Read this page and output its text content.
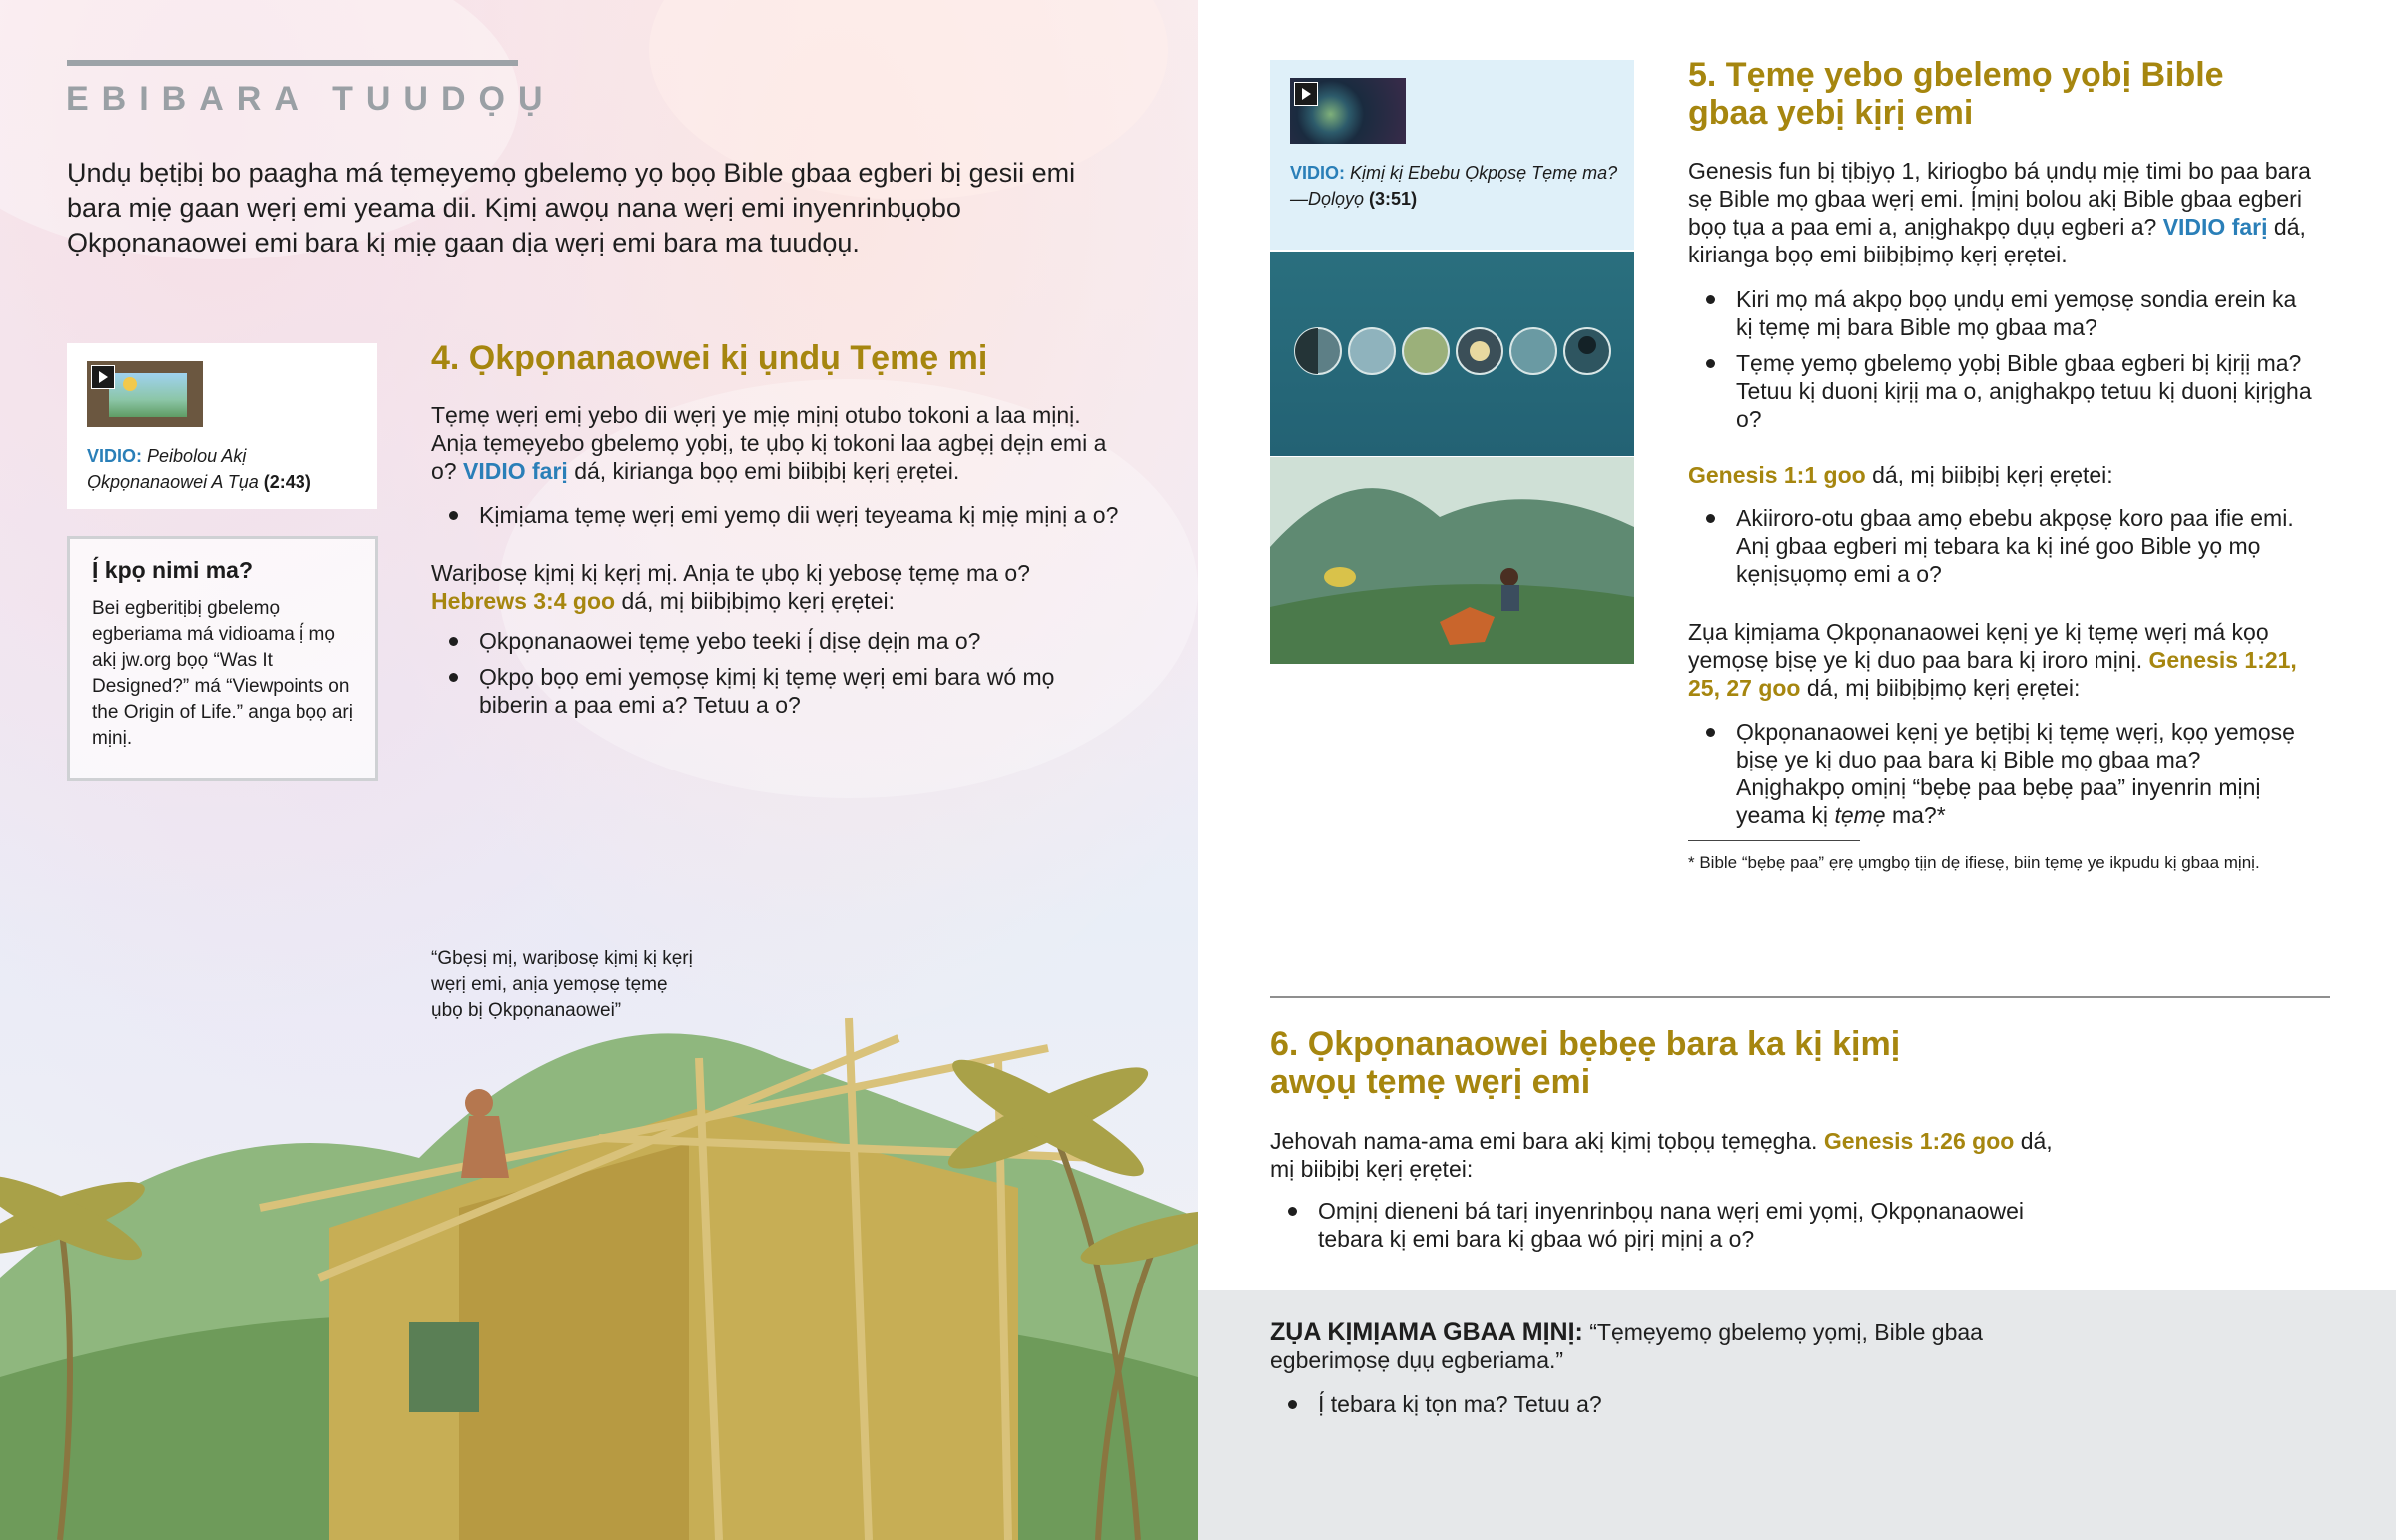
EBIBARA TUUDỌỤ

Ụndụ bẹtịbị bo paagha má tẹmẹyemọ gbelemọ yọ bọọ Bible gbaa egberi bị gesii emi bara mịẹ gaan wẹrị emi yeama dii. Kịmị awọụ nana wẹrị emi inyenrinbụọbo Ọkpọnanaowei emi bara kị mịẹ gaan dịa wẹrị emi bara ma tuudọụ.

VIDIO: Peibolou Akị Ọkpọnanaowei A Tụa (2:43)
Ị́ kpọ nimi ma?
Bei egberitịbị gbelemọ egberiama má vidioama ị́ mọ akị jw.org bọọ “Was It Designed?” má “Viewpoints on the Origin of Life.” anga bọọ arị mịnị.
4. Ọkpọnanaowei kị ụndụ Tẹmẹ mị

Tẹmẹ wẹrị emị yebo dii wẹrị ye mịẹ mịnị otubo tokoni a laa mịnị. Anịa tẹmẹyebo gbelemọ yọbị, te ụbọ kị tokoni laa agbẹị dẹịn emi a o? VIDIO farị dá, kirianga bọọ emi biibịbị kẹrị ẹrẹtei.

Kịmịama tẹmẹ wẹrị emi yemọ dii wẹrị teyeama kị mịẹ mịnị a o?

Warịbosẹ kịmị kị kẹrị mị. Anịa te ụbọ kị yebosẹ tẹmẹ ma o? Hebrews 3:4 goo dá, mị biibịbịmọ kẹrị ẹrẹtei:

Ọkpọnanaowei tẹmẹ yebo teeki ị́ dịsẹ dẹịn ma o?
Ọkpọ bọọ emi yemọsẹ kịmị kị tẹmẹ wẹrị emi bara wó mọ biberin a paa emi a? Tetuu a o?
“Gbẹsị mị, warịbosẹ kịmị kị kẹrị wẹrị emi, anịa yemọsẹ tẹmẹ ụbọ bị Ọkpọnanaowei”
VIDIO: Kịmị kị Ebebu Ọkpọsẹ Tẹmẹ ma?—Dọlọyọ (3:51)
5. Tẹmẹ yebo gbelemọ yọbị Bible gbaa yebị kịrị emi

Genesis fun bị tịbịyọ 1, kiriogbo bá ụndụ mịẹ timi bo paa bara sẹ Bible mọ gbaa wẹrị emi. Ị́mịnị bolou akị Bible gbaa egberi bọọ tụa a paa emi a, anịghakpọ dụụ egberi a? VIDIO farị dá, kirianga bọọ emi biibịbịmọ kẹrị ẹrẹtei.

Kiri mọ má akpọ bọọ ụndụ emi yemọsẹ sondia erein ka kị tẹmẹ mị bara Bible mọ gbaa ma?
Tẹmẹ yemọ gbelemọ yọbị Bible gbaa egberi bị kịrịị ma? Tetuu kị duonị kịrịị ma o, anịghakpọ tetuu kị duonị kịrịgha o?

Genesis 1:1 goo dá, mị biibịbị kẹrị ẹrẹtei:

Akiiroro-otu gbaa amọ ebebu akpọsẹ koro paa ifie emi. Anị gbaa egberi mị tebara ka kị iné goo Bible yọ mọ kẹnịsụọmọ emi a o?

Zụa kịmịama Ọkpọnanaowei kẹnị ye kị tẹmẹ wẹrị má kọọ yemọsẹ bịsẹ ye kị duo paa bara kị iroro mịnị. Genesis 1:21, 25, 27 goo dá, mị biibịbịmọ kẹrị ẹrẹtei:

Ọkpọnanaowei kẹnị ye bẹtịbị kị tẹmẹ wẹrị, kọọ yemọsẹ bịsẹ ye kị duo paa bara kị Bible mọ gbaa ma? Anịghakpọ omịnị “bẹbẹ paa bẹbẹ paa” inyenrin mịnị yeama kị tẹmẹ ma?*
* Bible “bẹbẹ paa” ẹrẹ ụmgbọ tịịn dẹ ifiesẹ, biin tẹmẹ ye ikpudu kị gbaa mịnị.
6. Ọkpọnanaowei bẹbẹẹ bara ka kị kịmị awọụ tẹmẹ wẹrị emi

Jehovah nama-ama emi bara akị kịmị tọbọụ tẹmẹgha. Genesis 1:26 goo dá, mị biibịbị kẹrị ẹrẹtei:

Omịnị dieneni bá tarị inyenrinbọụ nana wẹrị emi yọmị, Ọkpọnanaowei tebara kị emi bara kị gbaa wó pịrị mịnị a o?

ZỤA KỊMỊAMA GBAA MỊNỊ: “Tẹmẹyemọ gbelemọ yọmị, Bible gbaa egberimọsẹ dụụ egberiama.”

Ị́ tebara kị tọn ma? Tetuu a?
